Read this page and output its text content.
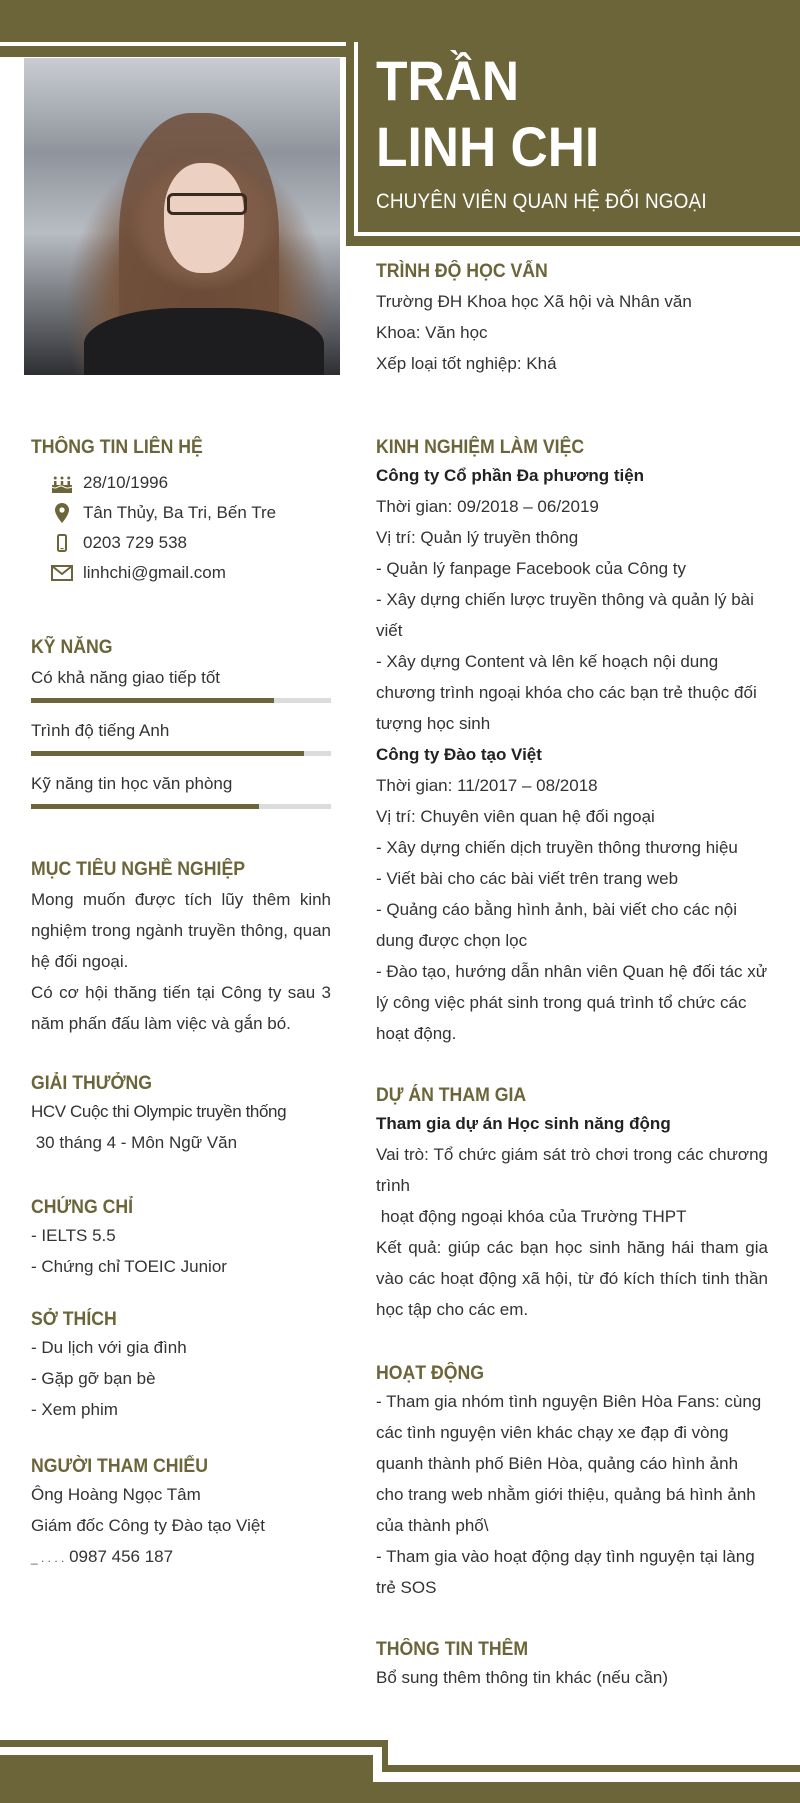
TRẦN
LINH CHI
CHUYÊN VIÊN QUAN HỆ ĐỐI NGOẠI
THÔNG TIN LIÊN HỆ
28/10/1996
Tân Thủy, Ba Tri, Bến Tre
0203 729 538
linhchi@gmail.com
KỸ NĂNG
Có khả năng giao tiếp tốt
Trình độ tiếng Anh
Kỹ năng tin học văn phòng
MỤC TIÊU NGHỀ NGHIỆP
Mong muốn được tích lũy thêm kinh nghiệm trong ngành truyền thông, quan hệ đối ngoại.
Có cơ hội thăng tiến tại Công ty sau 3 năm phấn đấu làm việc và gắn bó.
GIẢI THƯỞNG
HCV Cuộc thi Olympic truyền thống
30 tháng 4 - Môn Ngữ Văn
CHỨNG CHỈ
- IELTS 5.5
- Chứng chỉ TOEIC Junior
SỞ THÍCH
- Du lịch với gia đình
- Gặp gỡ bạn bè
- Xem phim
NGƯỜI THAM CHIẾU
Ông Hoàng Ngọc Tâm
Giám đốc Công ty Đào tạo Việt
_ . . . . 0987 456 187
TRÌNH ĐỘ HỌC VẤN
Trường ĐH Khoa học Xã hội và Nhân văn
Khoa: Văn học
Xếp loại tốt nghiệp: Khá
KINH NGHIỆM LÀM VIỆC
Công ty Cổ phần Đa phương tiện
Thời gian: 09/2018 – 06/2019
Vị trí: Quản lý truyền thông
- Quản lý fanpage Facebook của Công ty
- Xây dựng chiến lược truyền thông và quản lý bài viết
- Xây dựng Content và lên kế hoạch nội dung  chương trình ngoại khóa cho các bạn trẻ thuộc đối tượng học sinh
Công ty Đào tạo Việt
Thời gian: 11/2017 – 08/2018
Vị trí: Chuyên viên quan hệ đối ngoại
- Xây dựng chiến dịch truyền thông thương hiệu
- Viết bài cho các bài viết trên trang web
- Quảng cáo bằng hình ảnh, bài viết cho các nội dung được chọn lọc
- Đào tạo, hướng dẫn nhân viên Quan hệ đối tác xử lý công việc phát sinh trong quá trình tổ chức các hoạt động.
DỰ ÁN THAM GIA
Tham gia dự án Học sinh năng động
Vai trò: Tổ chức giám sát trò chơi trong các chương trình
hoạt động ngoại khóa của Trường THPT
Kết quả: giúp các bạn học sinh hăng hái tham gia vào các hoạt động xã hội, từ đó kích thích tinh thần học tập cho các em.
HOẠT ĐỘNG
- Tham gia nhóm tình nguyện Biên Hòa Fans: cùng các tình nguyện viên khác chạy xe đạp đi vòng quanh thành phố Biên Hòa, quảng cáo hình ảnh cho trang web nhằm giới thiệu, quảng bá hình ảnh của thành phố\
- Tham gia vào hoạt động dạy tình nguyện tại làng trẻ SOS
THÔNG TIN THÊM
Bổ sung thêm thông tin khác (nếu cần)
